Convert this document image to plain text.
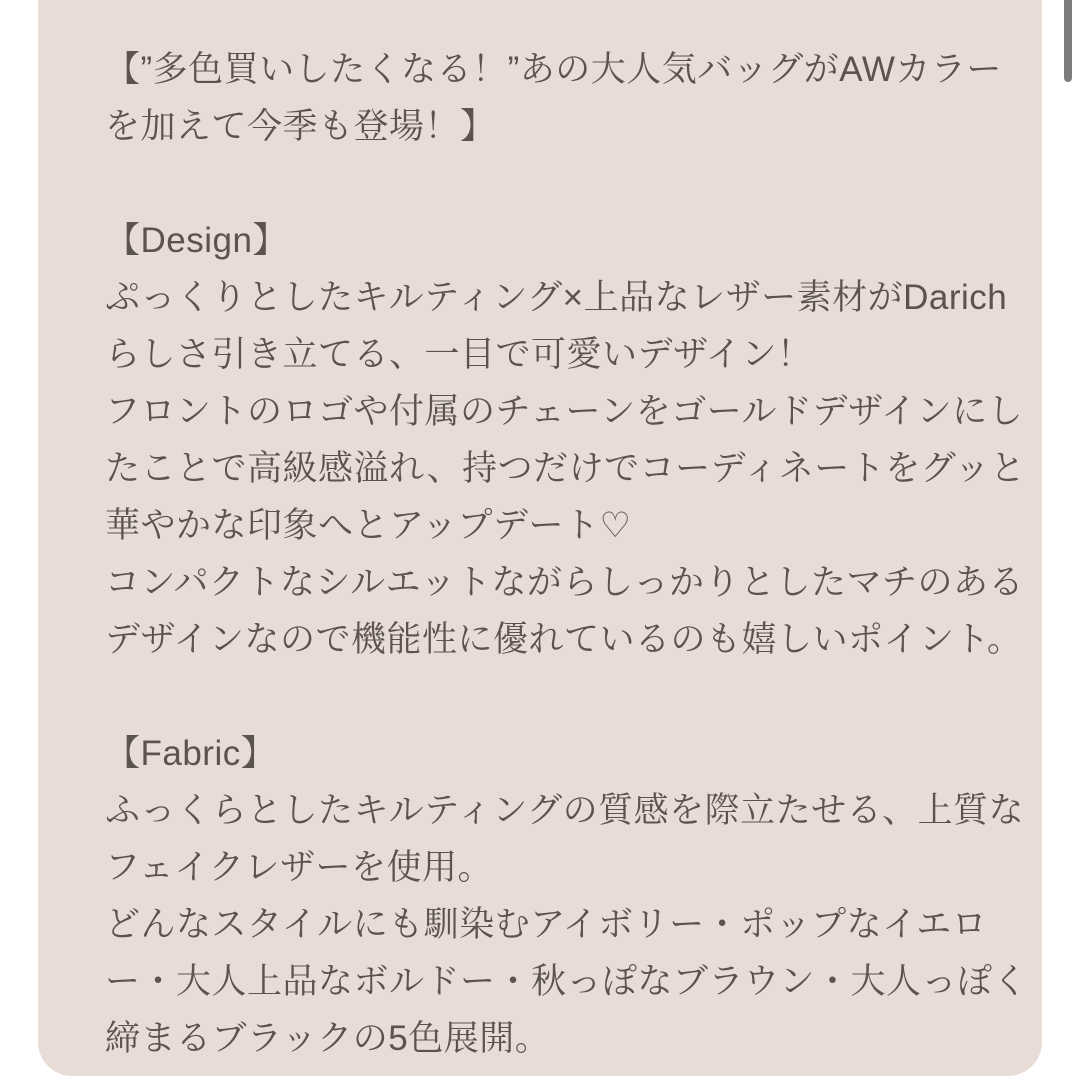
【”多色買いしたくなる！”あの大人気バッグがAWカラー
を加えて今季も登場！】
【Design】
ぷっくりとしたキルティング×上品なレザー素材がDarich
らしさ引き立てる、一目で可愛いデザイン！
フロントのロゴや付属のチェーンをゴールドデザインにし
たことで高級感溢れ、持つだけでコーディネートをグッと
華やかな印象へとアップデート♡
コンパクトなシルエットながらしっかりとしたマチのある
デザインなので機能性に優れているのも嬉しいポイント。
【Fabric】
ふっくらとしたキルティングの質感を際立たせる、上質な
フェイクレザーを使用。
どんなスタイルにも馴染むアイボリー・ポップなイエロ
ー・大人上品なボルドー・秋っぽなブラウン・大人っぽく
締まるブラックの5色展開。
